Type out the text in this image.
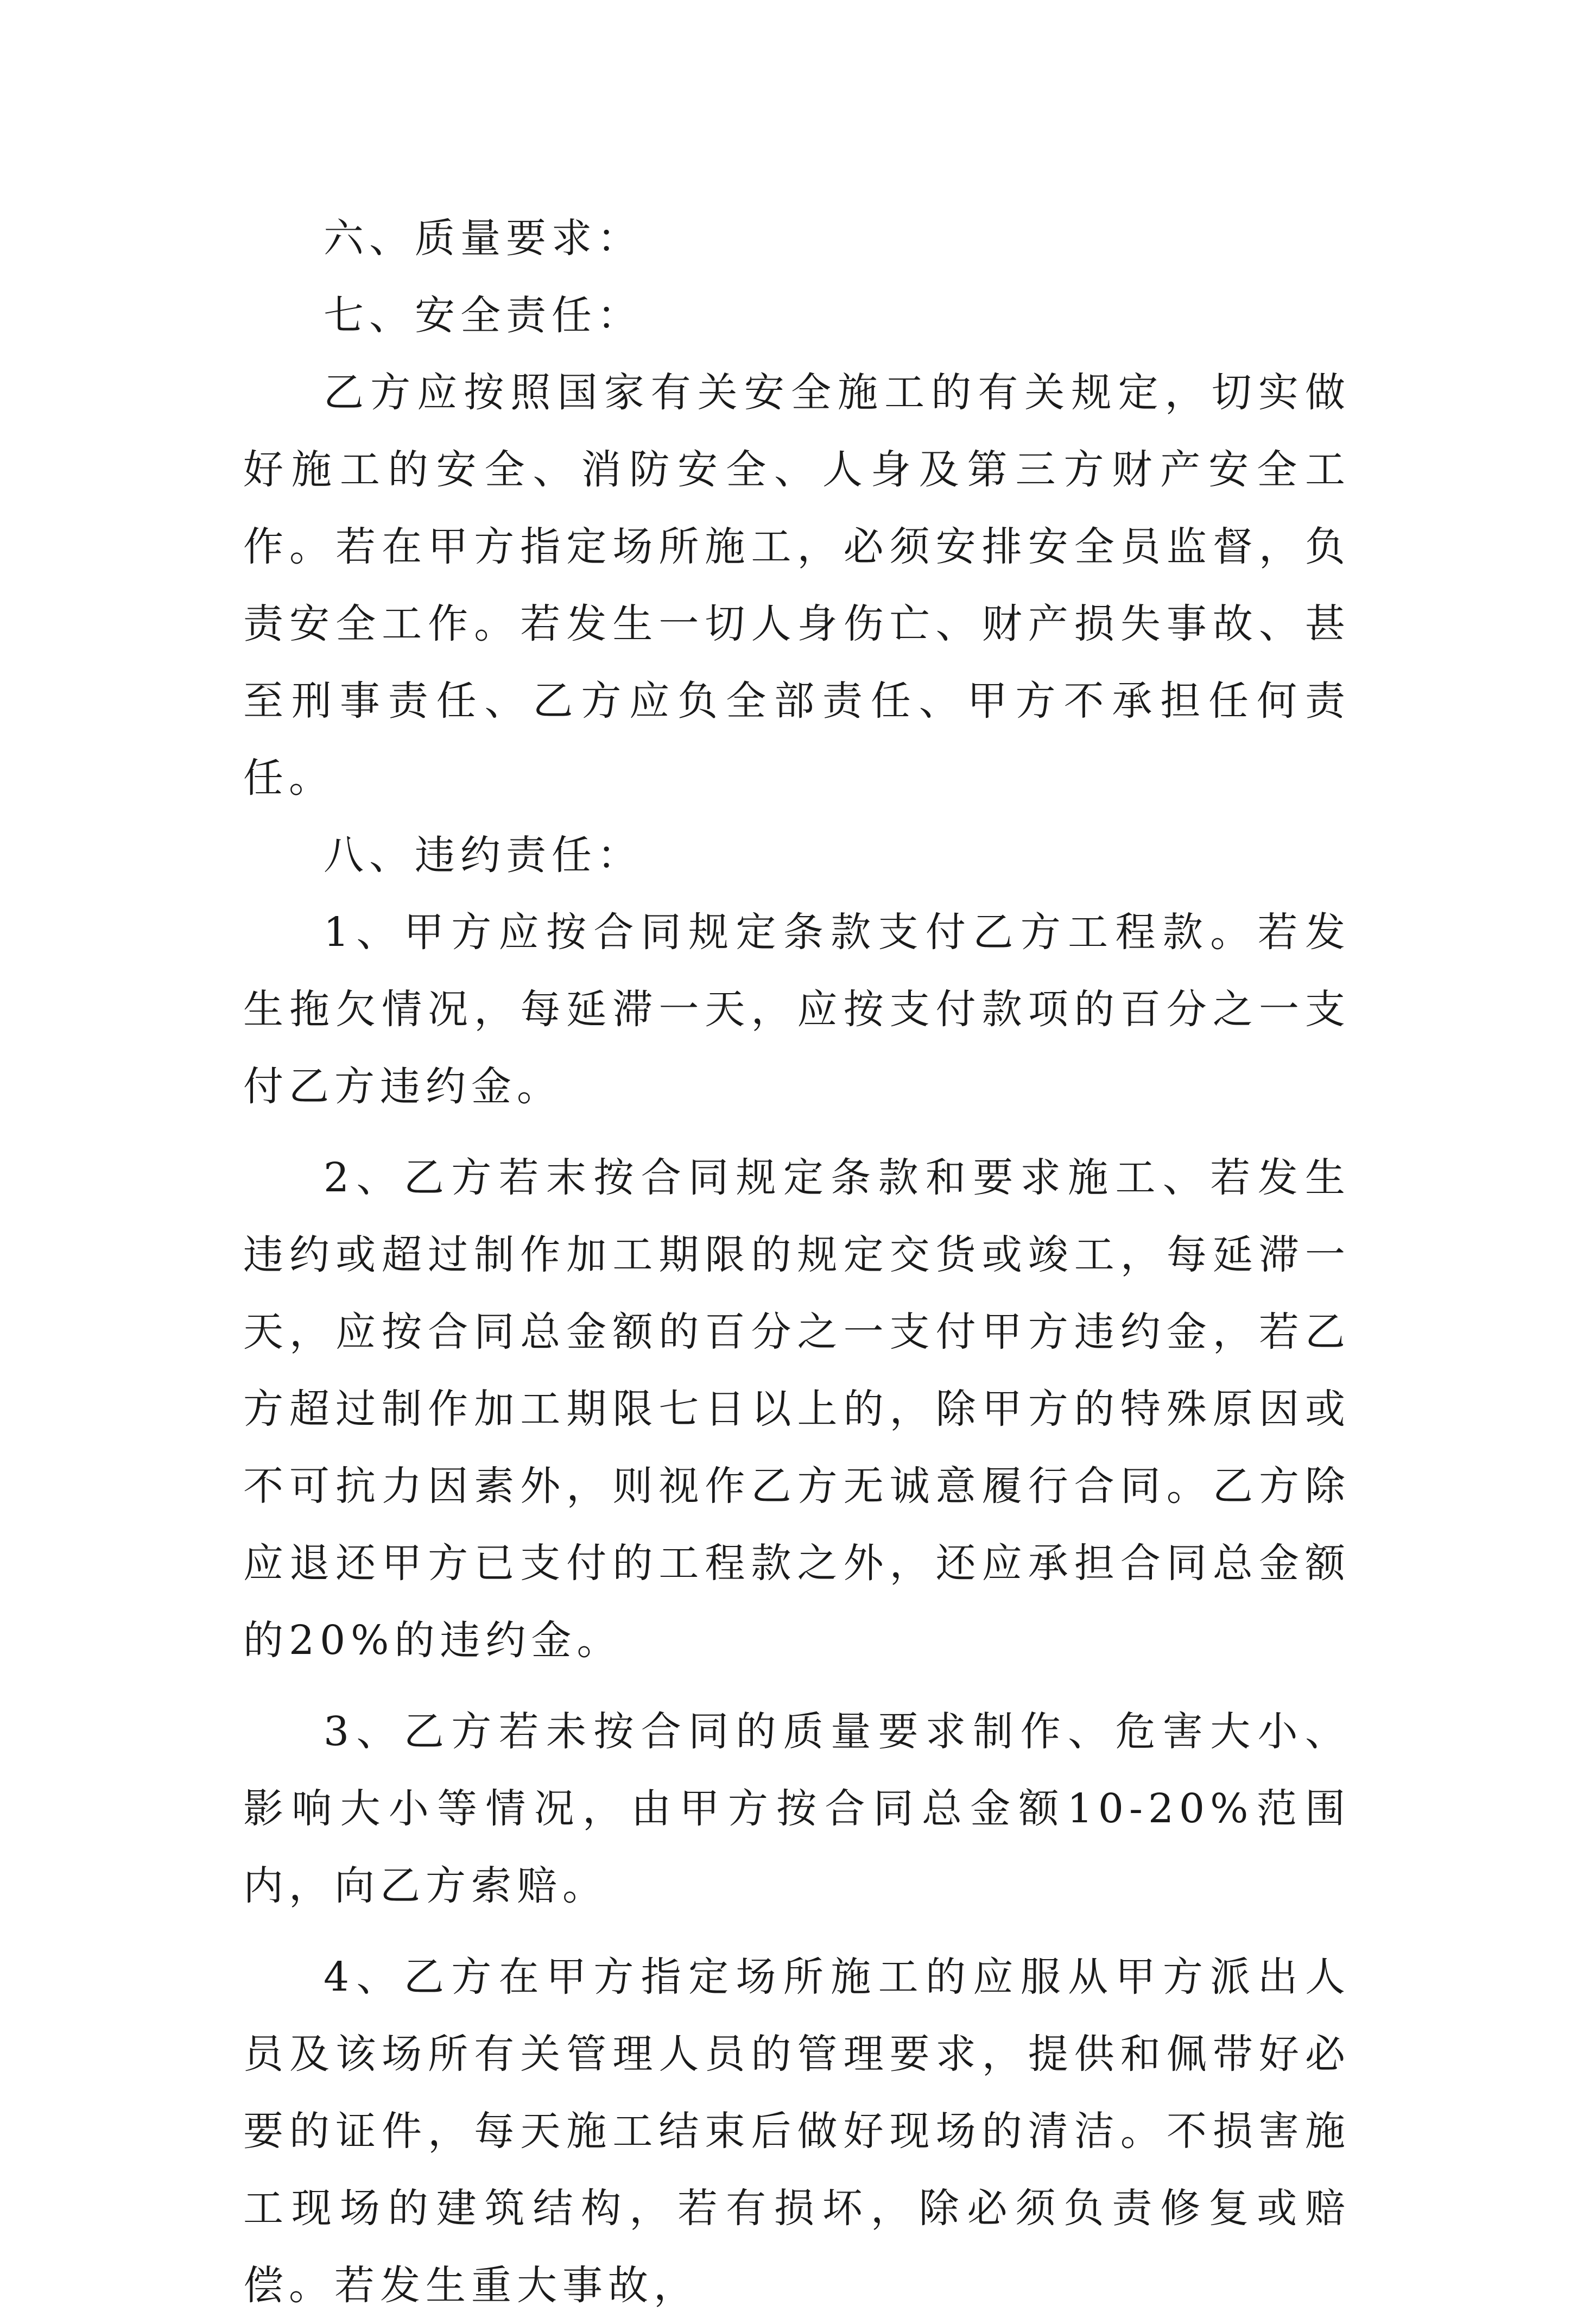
六、质量要求：

七、安全责任：

乙方应按照国家有关安全施工的有关规定，切实做好施工的安全、消防安全、人身及第三方财产安全工作。若在甲方指定场所施工，必须安排安全员监督，负责安全工作。若发生一切人身伤亡、财产损失事故、甚至刑事责任、乙方应负全部责任、甲方不承担任何责任。

八、违约责任：

1、甲方应按合同规定条款支付乙方工程款。若发生拖欠情况，每延滞一天，应按支付款项的百分之一支付乙方违约金。

2、乙方若末按合同规定条款和要求施工、若发生违约或超过制作加工期限的规定交货或竣工，每延滞一天，应按合同总金额的百分之一支付甲方违约金，若乙方超过制作加工期限七日以上的，除甲方的特殊原因或不可抗力因素外，则视作乙方无诚意履行合同。乙方除应退还甲方已支付的工程款之外，还应承担合同总金额的20%的违约金。

3、乙方若未按合同的质量要求制作、危害大小、影响大小等情况，由甲方按合同总金额10-20%范围内，向乙方索赔。

4、乙方在甲方指定场所施工的应服从甲方派出人员及该场所有关管理人员的管理要求，提供和佩带好必要的证件，每天施工结束后做好现场的清洁。不损害施工现场的建筑结构，若有损坏，除必须负责修复或赔偿。若发生重大事故，
